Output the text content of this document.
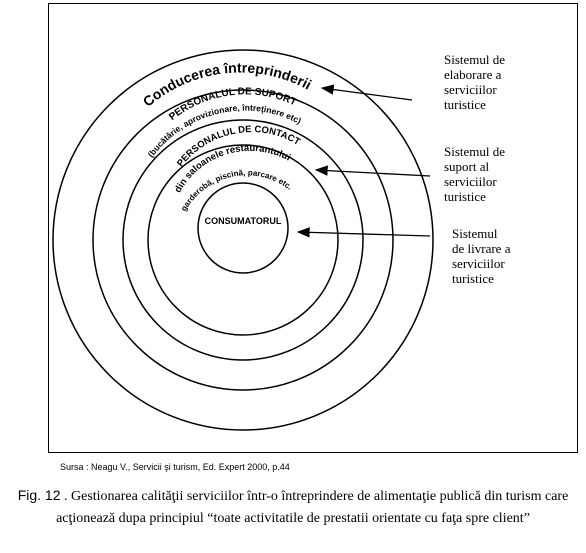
Conducerea întreprinderii
PERSONALUL DE SUPORT
(bucătărie, aprovizionare, întreţinere etc)
PERSONALUL DE CONTACT
din saloanele restaurantului
garderobă, piscină, parcare etc.
CONSUMATORUL
Sistemul de
elaborare a
serviciilor
turistice
Sistemul de
suport al
serviciilor
turistice
Sistemul
de livrare a
serviciilor
turistice
Sursa : Neagu V., Servicii şi turism, Ed. Expert 2000, p.44
Fig. 12 . Gestionarea calităţii serviciilor într-o întreprindere de alimentaţie publică din turism care acţionează dupa principiul “toate activitatile de prestatii orientate cu faţa spre client”
